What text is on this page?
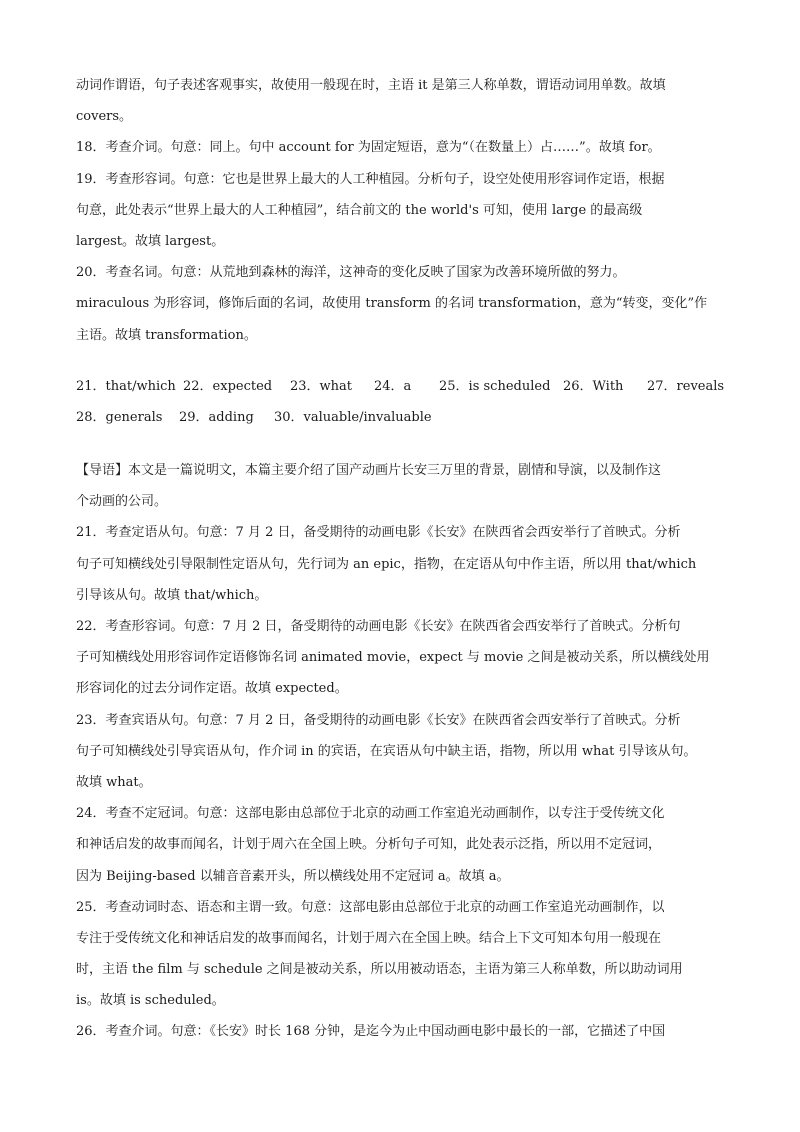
动词作谓语，句子表述客观事实，故使用一般现在时，主语 it 是第三人称单数，谓语动词用单数。故填
covers。
18．考查介词。句意：同上。句中 account for 为固定短语，意为“（在数量上）占……”。故填 for。
19．考查形容词。句意：它也是世界上最大的人工种植园。分析句子，设空处使用形容词作定语，根据
句意，此处表示“世界上最大的人工种植园”，结合前文的 the world's 可知，使用 large 的最高级
largest。故填 largest。
20．考查名词。句意：从荒地到森林的海洋，这神奇的变化反映了国家为改善环境所做的努力。
miraculous 为形容词，修饰后面的名词，故使用 transform 的名词 transformation，意为“转变，变化”作
主语。故填 transformation。
21．that/which 22．expected	23．what	24．a	25．is scheduled 26．With	27．reveals
28．generals	29．adding	30．valuable/invaluable
【导语】本文是一篇说明文，本篇主要介绍了国产动画片长安三万里的背景，剧情和导演，以及制作这
个动画的公司。
21．考查定语从句。句意：7 月 2 日，备受期待的动画电影《长安》在陕西省会西安举行了首映式。分析
句子可知横线处引导限制性定语从句，先行词为 an epic，指物，在定语从句中作主语，所以用 that/which
引导该从句。故填 that/which。
22．考查形容词。句意：7 月 2 日，备受期待的动画电影《长安》在陕西省会西安举行了首映式。分析句
子可知横线处用形容词作定语修饰名词 animated movie，expect 与 movie 之间是被动关系，所以横线处用
形容词化的过去分词作定语。故填 expected。
23．考查宾语从句。句意：7 月 2 日，备受期待的动画电影《长安》在陕西省会西安举行了首映式。分析
句子可知横线处引导宾语从句，作介词 in 的宾语，在宾语从句中缺主语，指物，所以用 what 引导该从句。
故填 what。
24．考查不定冠词。句意：这部电影由总部位于北京的动画工作室追光动画制作，以专注于受传统文化
和神话启发的故事而闻名，计划于周六在全国上映。分析句子可知，此处表示泛指，所以用不定冠词，
因为 Beijing-based 以辅音音素开头，所以横线处用不定冠词 a。故填 a。
25．考查动词时态、语态和主谓一致。句意：这部电影由总部位于北京的动画工作室追光动画制作，以
专注于受传统文化和神话启发的故事而闻名，计划于周六在全国上映。结合上下文可知本句用一般现在
时，主语 the film 与 schedule 之间是被动关系，所以用被动语态，主语为第三人称单数，所以助动词用
is。故填 is scheduled。
26．考查介词。句意：《长安》时长 168 分钟，是迄今为止中国动画电影中最长的一部，它描述了中国
